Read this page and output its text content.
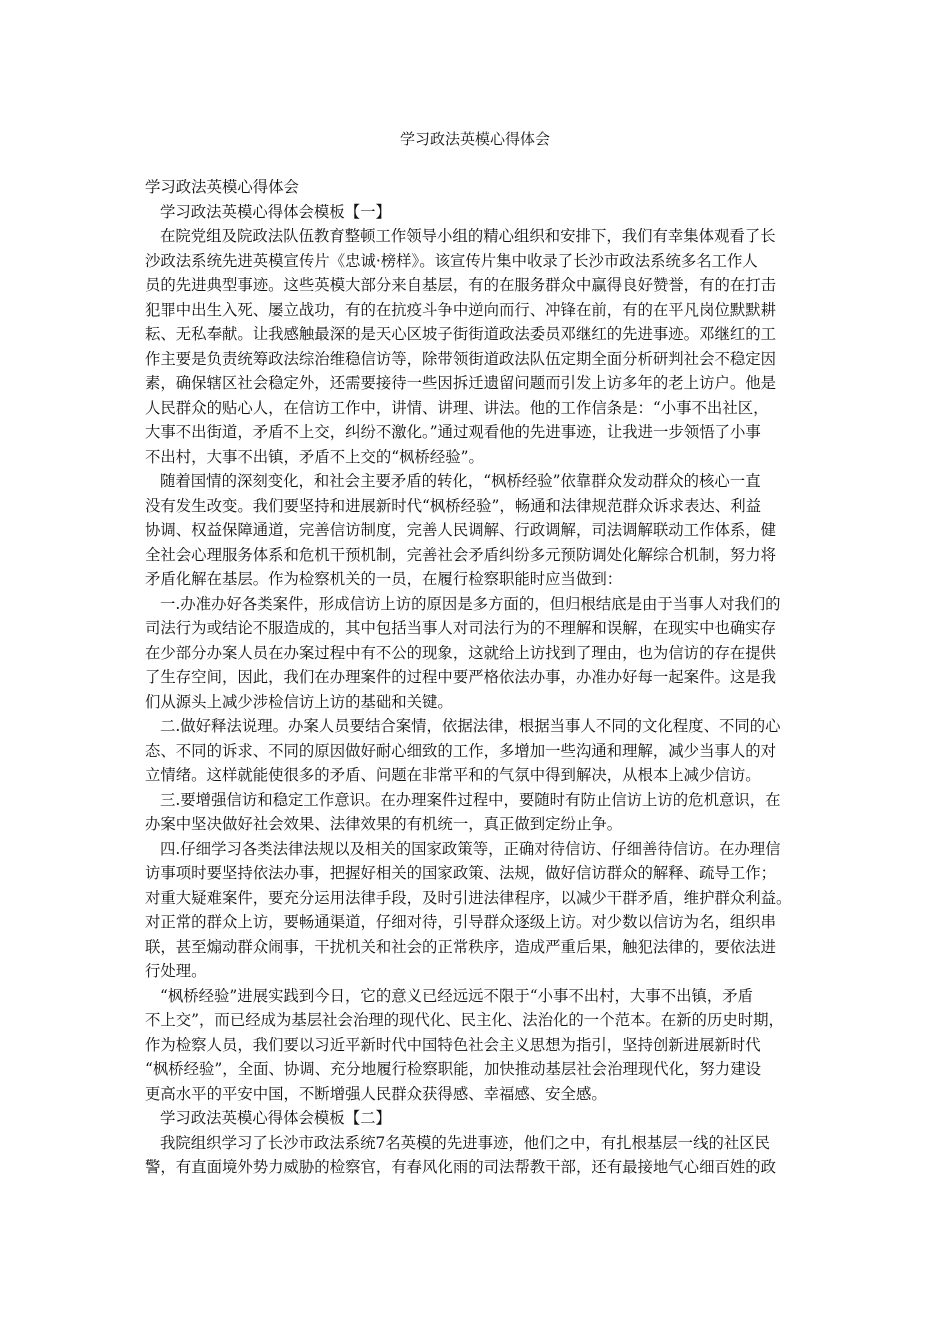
学习政法英模心得体会
学习政法英模心得体会
学习政法英模心得体会模板【一】
在院党组及院政法队伍教育整顿工作领导小组的精心组织和安排下，我们有幸集体观看了长
沙政法系统先进英模宣传片《忠诚·榜样》。该宣传片集中收录了长沙市政法系统多名工作人
员的先进典型事迹。这些英模大部分来自基层，有的在服务群众中赢得良好赞誉，有的在打击
犯罪中出生入死、屡立战功，有的在抗疫斗争中逆向而行、冲锋在前，有的在平凡岗位默默耕
耘、无私奉献。让我感触最深的是天心区坡子街街道政法委员邓继红的先进事迹。邓继红的工
作主要是负责统筹政法综治维稳信访等，除带领街道政法队伍定期全面分析研判社会不稳定因
素，确保辖区社会稳定外，还需要接待一些因拆迁遗留问题而引发上访多年的老上访户。他是
人民群众的贴心人，在信访工作中，讲情、讲理、讲法。他的工作信条是：“小事不出社区，
大事不出街道，矛盾不上交，纠纷不激化。”通过观看他的先进事迹，让我进一步领悟了小事
不出村，大事不出镇，矛盾不上交的“枫桥经验”。
随着国情的深刻变化，和社会主要矛盾的转化，“枫桥经验”依靠群众发动群众的核心一直
没有发生改变。我们要坚持和进展新时代“枫桥经验”，畅通和法律规范群众诉求表达、利益
协调、权益保障通道，完善信访制度，完善人民调解、行政调解，司法调解联动工作体系，健
全社会心理服务体系和危机干预机制，完善社会矛盾纠纷多元预防调处化解综合机制，努力将
矛盾化解在基层。作为检察机关的一员，在履行检察职能时应当做到：
一.办准办好各类案件，形成信访上访的原因是多方面的，但归根结底是由于当事人对我们的
司法行为或结论不服造成的，其中包括当事人对司法行为的不理解和误解，在现实中也确实存
在少部分办案人员在办案过程中有不公的现象，这就给上访找到了理由，也为信访的存在提供
了生存空间，因此，我们在办理案件的过程中要严格依法办事，办准办好每一起案件。这是我
们从源头上减少涉检信访上访的基础和关键。
二.做好释法说理。办案人员要结合案情，依据法律，根据当事人不同的文化程度、不同的心
态、不同的诉求、不同的原因做好耐心细致的工作，多增加一些沟通和理解，减少当事人的对
立情绪。这样就能使很多的矛盾、问题在非常平和的气氛中得到解决，从根本上减少信访。
三.要增强信访和稳定工作意识。在办理案件过程中，要随时有防止信访上访的危机意识，在
办案中坚决做好社会效果、法律效果的有机统一，真正做到定纷止争。
四.仔细学习各类法律法规以及相关的国家政策等，正确对待信访、仔细善待信访。在办理信
访事项时要坚持依法办事，把握好相关的国家政策、法规，做好信访群众的解释、疏导工作；
对重大疑难案件，要充分运用法律手段，及时引进法律程序，以减少干群矛盾，维护群众利益。
对正常的群众上访，要畅通渠道，仔细对待，引导群众逐级上访。对少数以信访为名，组织串
联，甚至煽动群众闹事，干扰机关和社会的正常秩序，造成严重后果，触犯法律的，要依法进
行处理。
“枫桥经验”进展实践到今日，它的意义已经远远不限于“小事不出村，大事不出镇，矛盾
不上交”，而已经成为基层社会治理的现代化、民主化、法治化的一个范本。在新的历史时期，
作为检察人员，我们要以习近平新时代中国特色社会主义思想为指引，坚持创新进展新时代
“枫桥经验”，全面、协调、充分地履行检察职能，加快推动基层社会治理现代化，努力建设
更高水平的平安中国，不断增强人民群众获得感、幸福感、安全感。
学习政法英模心得体会模板【二】
我院组织学习了长沙市政法系统7名英模的先进事迹，他们之中，有扎根基层一线的社区民
警，有直面境外势力威胁的检察官，有春风化雨的司法帮教干部，还有最接地气心细百姓的政
